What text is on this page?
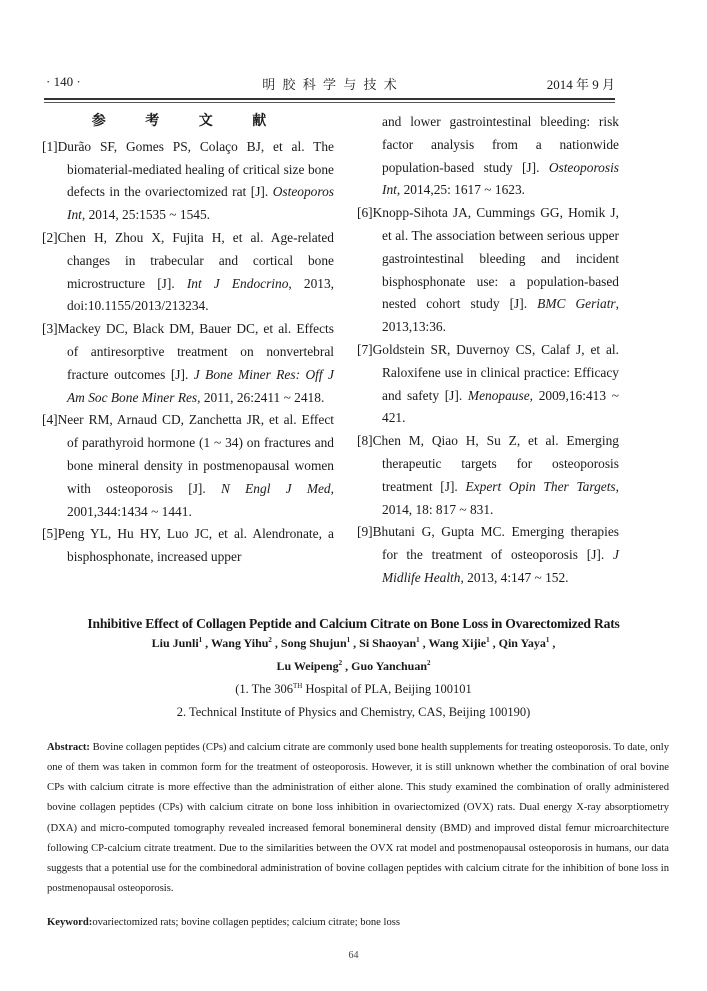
明 胶 科 学 与 技 术
· 140 ·	2014 年 9 月
参 考 文 献
[1]Durão SF, Gomes PS, Colaço BJ, et al. The biomaterial-mediated healing of critical size bone defects in the ovariectomized rat [J]. Osteoporos Int, 2014, 25:1535 ~ 1545.
[2]Chen H, Zhou X, Fujita H, et al. Age-related changes in trabecular and cortical bone microstructure [J]. Int J Endocrino, 2013, doi:10.1155/2013/213234.
[3]Mackey DC, Black DM, Bauer DC, et al. Effects of antiresorptive treatment on nonvertebral fracture outcomes [J]. J Bone Miner Res: Off J Am Soc Bone Miner Res, 2011, 26:2411 ~ 2418.
[4]Neer RM, Arnaud CD, Zanchetta JR, et al. Effect of parathyroid hormone (1 ~ 34) on fractures and bone mineral density in postmenopausal women with osteoporosis [J]. N Engl J Med, 2001,344:1434 ~ 1441.
[5]Peng YL, Hu HY, Luo JC, et al. Alendronate, a bisphosphonate, increased upper
and lower gastrointestinal bleeding: risk factor analysis from a nationwide population-based study [J]. Osteoporosis Int, 2014,25: 1617 ~ 1623.
[6]Knopp-Sihota JA, Cummings GG, Homik J, et al. The association between serious upper gastrointestinal bleeding and incident bisphosphonate use: a population-based nested cohort study [J]. BMC Geriatr, 2013,13:36.
[7]Goldstein SR, Duvernoy CS, Calaf J, et al. Raloxifene use in clinical practice: Efficacy and safety [J]. Menopause, 2009,16:413 ~ 421.
[8]Chen M, Qiao H, Su Z, et al. Emerging therapeutic targets for osteoporosis treatment [J]. Expert Opin Ther Targets, 2014, 18: 817 ~ 831.
[9]Bhutani G, Gupta MC. Emerging therapies for the treatment of osteoporosis [J]. J Midlife Health, 2013, 4:147 ~ 152.
Inhibitive Effect of Collagen Peptide and Calcium Citrate on Bone Loss in Ovarectomized Rats
Liu Junli$^1$ , Wang Yihu$^2$ , Song Shujun$^1$ , Si Shaoyan$^1$ , Wang Xijie$^1$ , Qin Yaya$^1$ ,
Lu Weipeng$^2$ , Guo Yanchuan$^2$
(1. The 306TH Hospital of PLA, Beijing 100101
2. Technical Institute of Physics and Chemistry, CAS, Beijing 100190)
Abstract: Bovine collagen peptides (CPs) and calcium citrate are commonly used bone health supplements for treating osteoporosis. To date, only one of them was taken in common form for the treatment of osteoporosis. However, it is still unknown whether the combination of oral bovine CPs with calcium citrate is more effective than the administration of either alone. This study examined the combination of orally administered bovine collagen peptides (CPs) with calcium citrate on bone loss inhibition in ovariectomized (OVX) rats. Dual energy X-ray absorptiometry (DXA) and micro-computed tomography revealed increased femoral bonemineral density (BMD) and improved distal femur microarchitecture following CP-calcium citrate treatment. Due to the similarities between the OVX rat model and postmenopausal osteoporosis in humans, our data suggests that a potential use for the combinedoral administration of bovine collagen peptides with calcium citrate for the inhibition of bone loss in postmenopausal osteoporosis.
Keyword:ovariectomized rats; bovine collagen peptides; calcium citrate; bone loss
64
